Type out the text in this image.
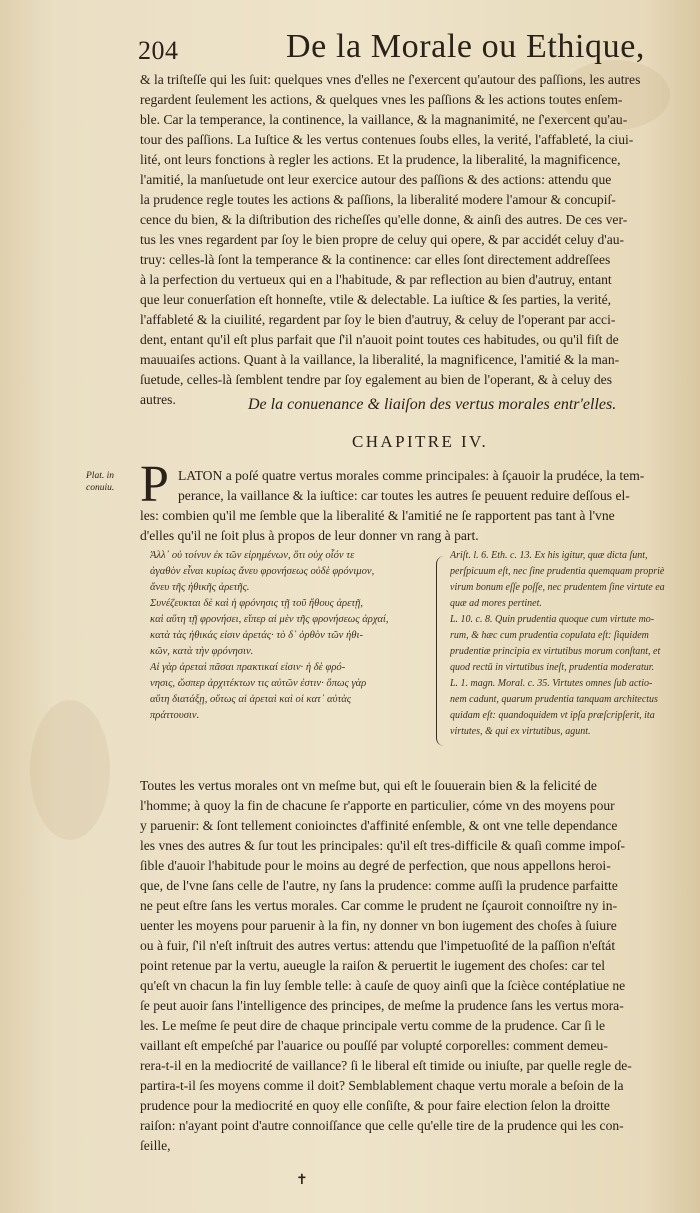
204	De la Morale ou Ethique,
& la triſteſſe qui les ſuit: quelques vnes d'elles ne ſ'exercent qu'autour des paſſions, les autres
regardent ſeulement les actions, & quelques vnes les paſſions & les actions toutes enſem-
ble. Car la temperance, la continence, la vaillance, & la magnanimité, ne ſ'exercent qu'au-
tour des paſſions. La Iuſtice & les vertus contenues ſoubs elles, la verité, l'affableté, la ciui-
lité, ont leurs fonctions à regler les actions. Et la prudence, la liberalité, la magnificence,
l'amitié, la manſuetude ont leur exercice autour des paſſions & des actions: attendu que
la prudence regle toutes les actions & paſſions, la liberalité modere l'amour & concupiſ-
cence du bien, & la diſtribution des richeſſes qu'elle donne, & ainſi des autres. De ces ver-
tus les vnes regardent par ſoy le bien propre de celuy qui opere, & par accidét celuy d'au-
truy: celles-là ſont la temperance & la continence: car elles ſont directement addreſſees
à la perfection du vertueux qui en a l'habitude, & par reflection au bien d'autruy, entant
que leur conuerſation eſt honneſte, vtile & delectable. La iuſtice & ſes parties, la verité,
l'affableté & la ciuilité, regardent par ſoy le bien d'autruy, & celuy de l'operant par acci-
dent, entant qu'il eſt plus parfait que ſ'il n'auoit point toutes ces habitudes, ou qu'il fiſt de
mauuaiſes actions. Quant à la vaillance, la liberalité, la magnificence, l'amitié & la man-
ſuetude, celles-là ſemblent tendre par ſoy egalement au bien de l'operant, & à celuy des
autres.	De la conuenance & liaiſon des vertus morales entr'elles.
CHAPITRE IV.
Plat. in conuiu. P LATON a poſé quatre vertus morales comme principales: à ſçauoir la prudéce, la tem-
perance, la vaillance & la iuſtice: car toutes les autres ſe peuuent reduire deſſous el-
les: combien qu'il me ſemble que la liberalité & l'amitié ne ſe rapportent pas tant à l'vne
d'elles qu'il ne ſoit plus à propos de leur donner vn rang à part.
Ἀλλ᾽ οὐ τοίνυν ἐκ τῶν εἰρημένων, ὅτι οὐχ οἷόν τε
ἀγαθὸν εἶναι κυρίως ἄνευ φρονήσεως οὐδὲ φρόνιμον,
ἄνευ τῆς ἠθικῆς ἀρετῆς.
Συνέζευκται δὲ καὶ ἡ φρόνησις τῇ τοῦ ἤθους ἀρετῇ,
καὶ αὕτη τῇ φρονήσει, εἴπερ αἱ μὲν τῆς φρονήσεως ἀρχαί,
κατὰ τὰς ἠθικάς εἰσιν ἀρετάς· τὸ δ᾽ ὀρθὸν τῶν ἠθι-
κῶν, κατὰ τὴν φρόνησιν.
Αἱ γὰρ ἀρεταὶ πᾶσαι πρακτικαί εἰσιν· ἡ δὲ φρό-
νησις, ὥσπερ ἀρχιτέκτων τις αὐτῶν ἐστιν· ὅπως γὰρ
αὕτη διατάξῃ, οὕτως αἱ ἀρεταὶ καὶ οἱ κατ᾽ αὐτὰς
πράττουσιν.
Ariſt. l. 6. Eth. c. 13. Ex his igitur, quæ dicta ſunt,
perſpicuum eſt, nec ſine prudentia quemquam propriè
virum bonum eſſe poſſe, nec prudentem ſine virtute ea
quæ ad mores pertinet.
L. 10. c. 8. Quin prudentia quoque cum virtute mo-
rum, & hæc cum prudentia copulata eſt: ſiquidem
prudentiæ principia ex virtutibus morum conſtant, et
quod rectū in virtutibus ineſt, prudentia moderatur.
L. 1. magn. Moral. c. 35. Virtutes omnes ſub actio-
nem cadunt, quarum prudentia tanquam architectus
quidam eſt: quandoquidem vt ipſa præſcripſerit, ita
virtutes, & qui ex virtutibus, agunt.
Toutes les vertus morales ont vn meſme but, qui eſt le ſouuerain bien & la felicité de
l'homme; à quoy la fin de chacune ſe r'apporte en particulier, cóme vn des moyens pour
y paruenir: & ſont tellement conioinctes d'affinité enſemble, & ont vne telle dependance
les vnes des autres & ſur tout les principales: qu'il eſt tres-difficile & quaſi comme impoſ-
ſible d'auoir l'habitude pour le moins au degré de perfection, que nous appellons heroi-
que, de l'vne ſans celle de l'autre, ny ſans la prudence: comme auſſi la prudence parfaitte
ne peut eſtre ſans les vertus morales. Car comme le prudent ne ſçauroit connoiſtre ny in-
uenter les moyens pour paruenir à la fin, ny donner vn bon iugement des choſes à ſuiure
ou à fuir, ſ'il n'eſt inſtruit des autres vertus: attendu que l'impetuoſité de la paſſion n'eſtát
point retenue par la vertu, aueugle la raiſon & peruertit le iugement des choſes: car tel
qu'eſt vn chacun la fin luy ſemble telle: à cauſe de quoy ainſi que la ſcièce contéplatiue ne
ſe peut auoir ſans l'intelligence des principes, de meſme la prudence ſans les vertus mora-
les. Le meſme ſe peut dire de chaque principale vertu comme de la prudence. Car ſi le
vaillant eſt empeſché par l'auarice ou pouſſé par volupté corporelles: comment demeu-
rera-t-il en la mediocrité de vaillance? ſi le liberal eſt timide ou iniuſte, par quelle regle de-
partira-t-il ſes moyens comme il doit? Semblablement chaque vertu morale a beſoin de la
prudence pour la mediocrité en quoy elle conſiſte, & pour faire election ſelon la droitte
raiſon: n'ayant point d'autre connoiſſance que celle qu'elle tire de la prudence qui les con-
ſeille,
✝
